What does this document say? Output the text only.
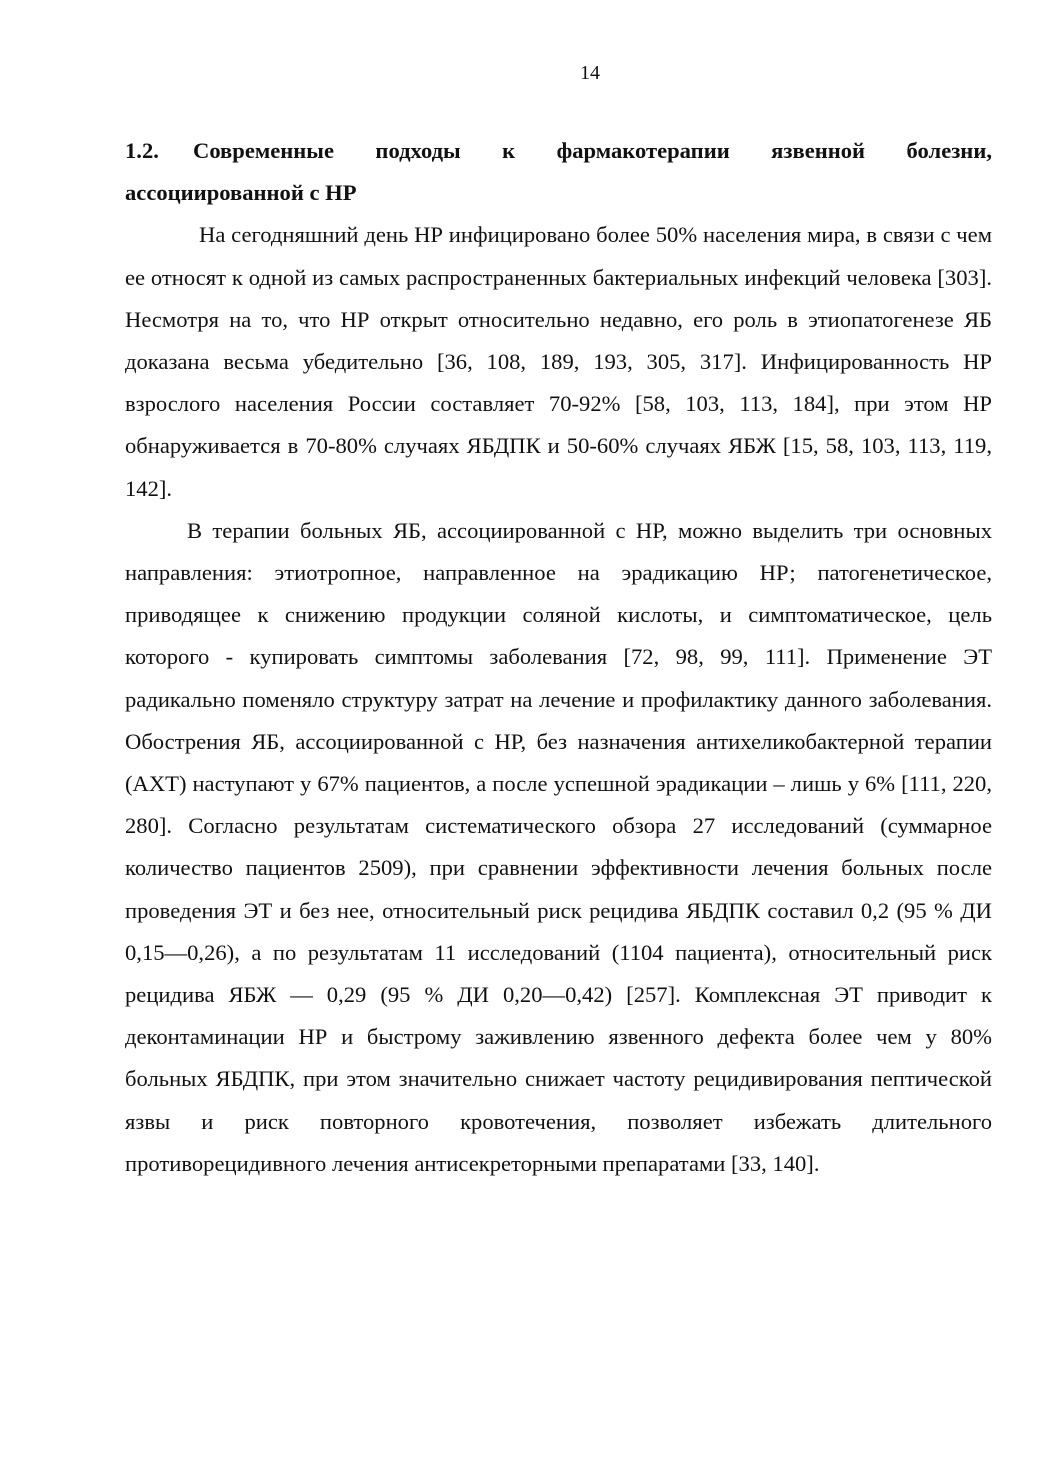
14

1.2. Современные подходы к фармакотерапии язвенной болезни, ассоциированной с НР

На сегодняшний день НР инфицировано более 50% населения мира, в связи с чем ее относят к одной из самых распространенных бактериальных инфекций человека [303]. Несмотря на то, что НР открыт относительно недавно, его роль в этиопатогенезе ЯБ доказана весьма убедительно [36, 108, 189, 193, 305, 317]. Инфицированность НР взрослого населения России составляет 70-92% [58, 103, 113, 184], при этом НР обнаруживается в 70-80% случаях ЯБДПК и 50-60% случаях ЯБЖ [15, 58, 103, 113, 119, 142].

В терапии больных ЯБ, ассоциированной с НР, можно выделить три основных направления: этиотропное, направленное на эрадикацию НР; патогенетическое, приводящее к снижению продукции соляной кислоты, и симптоматическое, цель которого - купировать симптомы заболевания [72, 98, 99, 111]. Применение ЭТ радикально поменяло структуру затрат на лечение и профилактику данного заболевания. Обострения ЯБ, ассоциированной с НР, без назначения антихеликобактерной терапии (АХТ) наступают у 67% пациентов, а после успешной эрадикации – лишь у 6% [111, 220, 280]. Согласно результатам систематического обзора 27 исследований (суммарное количество пациентов 2509), при сравнении эффективности лечения больных после проведения ЭТ и без нее, относительный риск рецидива ЯБДПК составил 0,2 (95 % ДИ 0,15—0,26), а по результатам 11 исследований (1104 пациента), относительный риск рецидива ЯБЖ — 0,29 (95 % ДИ 0,20—0,42) [257]. Комплексная ЭТ приводит к деконтаминации НР и быстрому заживлению язвенного дефекта более чем у 80% больных ЯБДПК, при этом значительно снижает частоту рецидивирования пептической язвы и риск повторного кровотечения, позволяет избежать длительного противорецидивного лечения антисекреторными препаратами [33, 140].
